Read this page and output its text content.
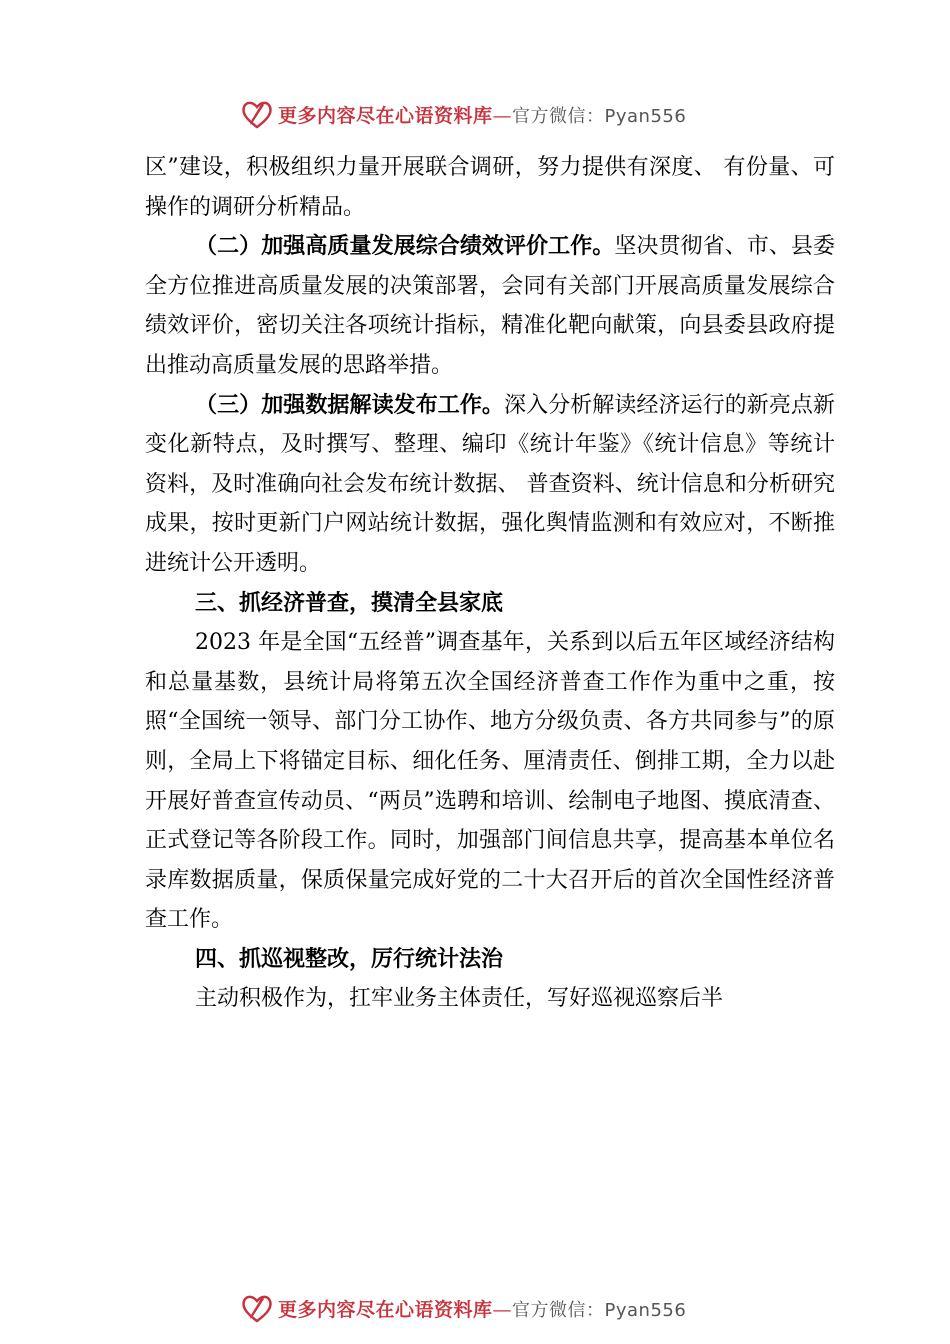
更多内容尽在心语资料库—官方微信：Pyan556

区”建设，积极组织力量开展联合调研，努力提供有深度、 有份量、可操作的调研分析精品。

（二）加强高质量发展综合绩效评价工作。坚决贯彻省、市、县委全方位推进高质量发展的决策部署，会同有关部门开展高质量发展综合绩效评价，密切关注各项统计指标，精准化靶向献策，向县委县政府提出推动高质量发展的思路举措。

（三）加强数据解读发布工作。深入分析解读经济运行的新亮点新变化新特点，及时撰写、整理、编印《统计年鉴》《统计信息》等统计资料，及时准确向社会发布统计数据、 普查资料、统计信息和分析研究成果，按时更新门户网站统计数据，强化舆情监测和有效应对，不断推进统计公开透明。

三、抓经济普查，摸清全县家底

2023 年是全国“五经普”调查基年，关系到以后五年区域经济结构和总量基数，县统计局将第五次全国经济普查工作作为重中之重，按照“全国统一领导、部门分工协作、地方分级负责、各方共同参与”的原则，全局上下将锚定目标、细化任务、厘清责任、倒排工期，全力以赴开展好普查宣传动员、“两员”选聘和培训、绘制电子地图、摸底清查、正式登记等各阶段工作。同时，加强部门间信息共享，提高基本单位名录库数据质量，保质保量完成好党的二十大召开后的首次全国性经济普查工作。

四、抓巡视整改，厉行统计法治

主动积极作为，扛牢业务主体责任，写好巡视巡察后半

更多内容尽在心语资料库—官方微信：Pyan556
